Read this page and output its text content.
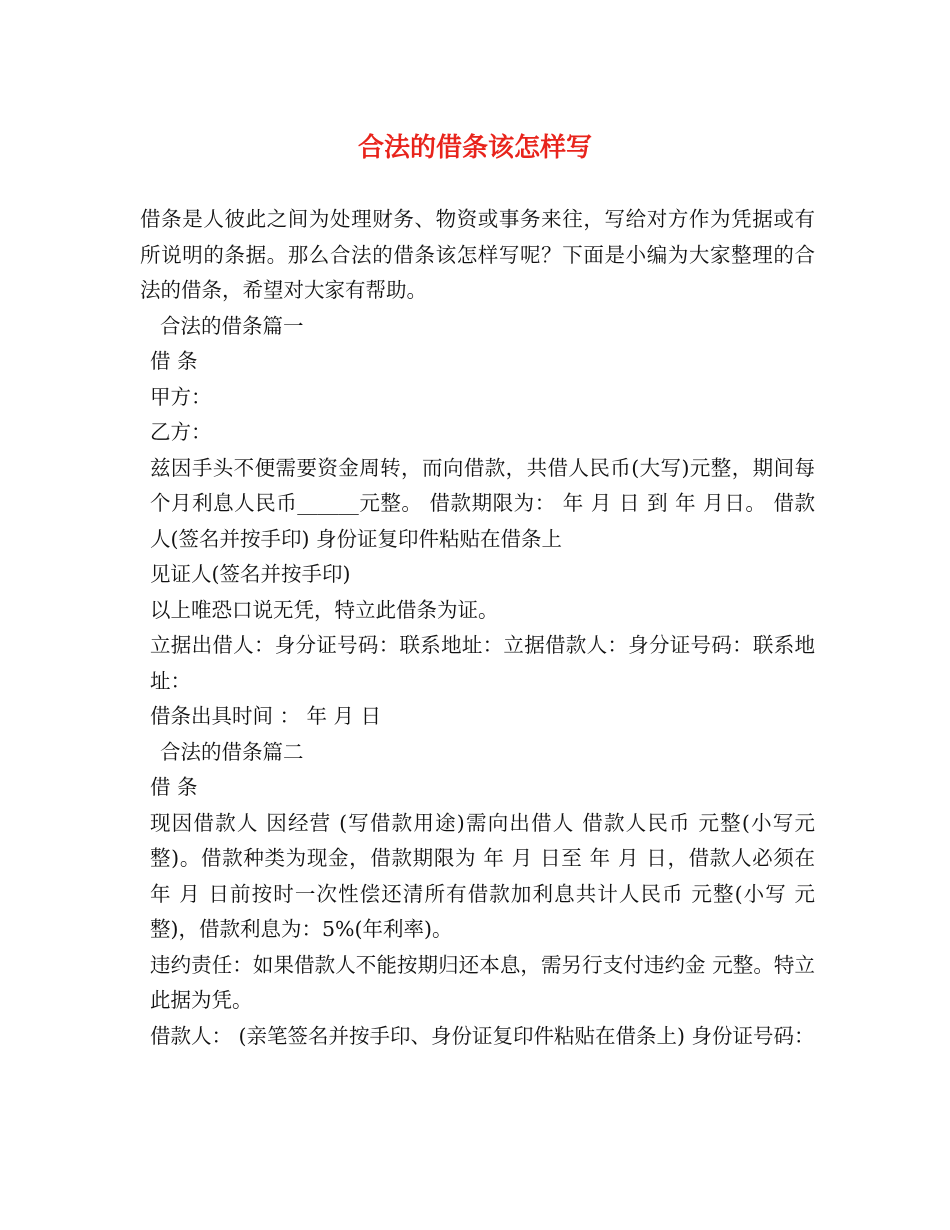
合法的借条该怎样写

借条是人彼此之间为处理财务、物资或事务来往，写给对方作为凭据或有所说明的条据。那么合法的借条该怎样写呢？下面是小编为大家整理的合法的借条，希望对大家有帮助。

合法的借条篇一

借 条

甲方：

乙方：

兹因手头不便需要资金周转，而向借款，共借人民币(大写)元整，期间每个月利息人民币______元整。 借款期限为： 年 月 日 到 年 月日。 借款人(签名并按手印) 身份证复印件粘贴在借条上

见证人(签名并按手印)

以上唯恐口说无凭，特立此借条为证。

立据出借人：身分证号码：联系地址：立据借款人：身分证号码：联系地址：

借条出具时间 ： 年 月 日

合法的借条篇二

借 条

现因借款人 因经营 (写借款用途)需向出借人 借款人民币 元整(小写元整)。借款种类为现金，借款期限为 年 月 日至 年 月 日，借款人必须在 年 月 日前按时一次性偿还清所有借款加利息共计人民币 元整(小写 元整)，借款利息为：5%(年利率)。

违约责任：如果借款人不能按期归还本息，需另行支付违约金 元整。特立此据为凭。

借款人： (亲笔签名并按手印、身份证复印件粘贴在借条上) 身份证号码：
